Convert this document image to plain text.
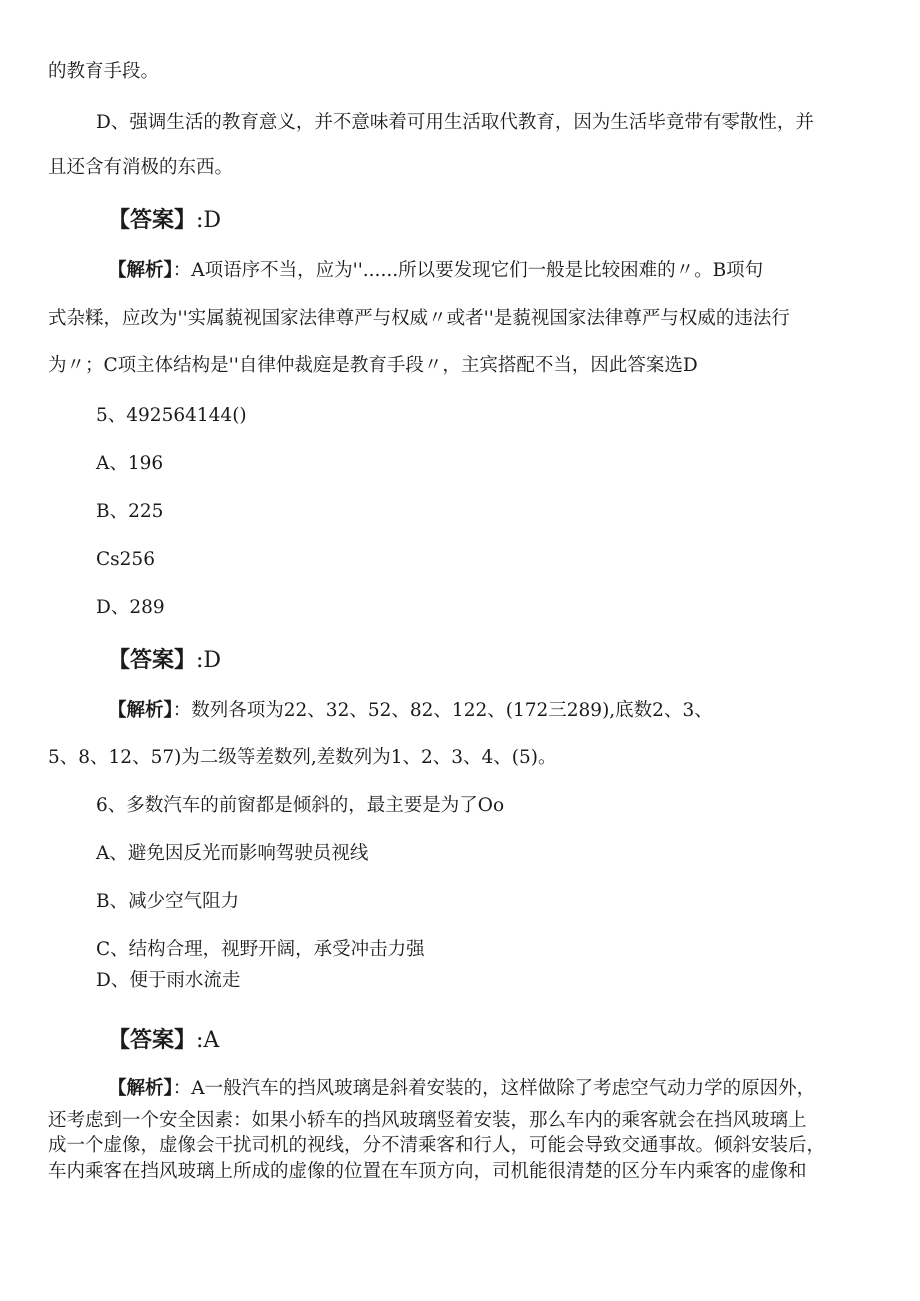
的教育手段。
D、强调生活的教育意义，并不意味着可用生活取代教育，因为生活毕竟带有零散性，并
且还含有消极的东西。
【答案】:D
【解析】：A项语序不当，应为''......所以要发现它们一般是比较困难的〃。B项句
式杂糅，应改为''实属藐视国家法律尊严与权威〃或者''是藐视国家法律尊严与权威的违法行
为〃；C项主体结构是''自律仲裁庭是教育手段〃，主宾搭配不当，因此答案选D
5、492564144()
A、196
B、225
Cs256
D、289
【答案】:D
【解析】：数列各项为22、32、52、82、122、(172三289),底数2、3、
5、8、12、57)为二级等差数列,差数列为1、2、3、4、(5)。
6、多数汽车的前窗都是倾斜的，最主要是为了Oo
A、避免因反光而影响驾驶员视线
B、减少空气阻力
C、结构合理，视野开阔，承受冲击力强
D、便于雨水流走
【答案】:A
【解析】：A一般汽车的挡风玻璃是斜着安装的，这样做除了考虑空气动力学的原因外，
还考虑到一个安全因素：如果小轿车的挡风玻璃竖着安装，那么车内的乘客就会在挡风玻璃上
成一个虚像，虚像会干扰司机的视线，分不清乘客和行人，可能会导致交通事故。倾斜安装后，
车内乘客在挡风玻璃上所成的虚像的位置在车顶方向，司机能很清楚的区分车内乘客的虚像和
